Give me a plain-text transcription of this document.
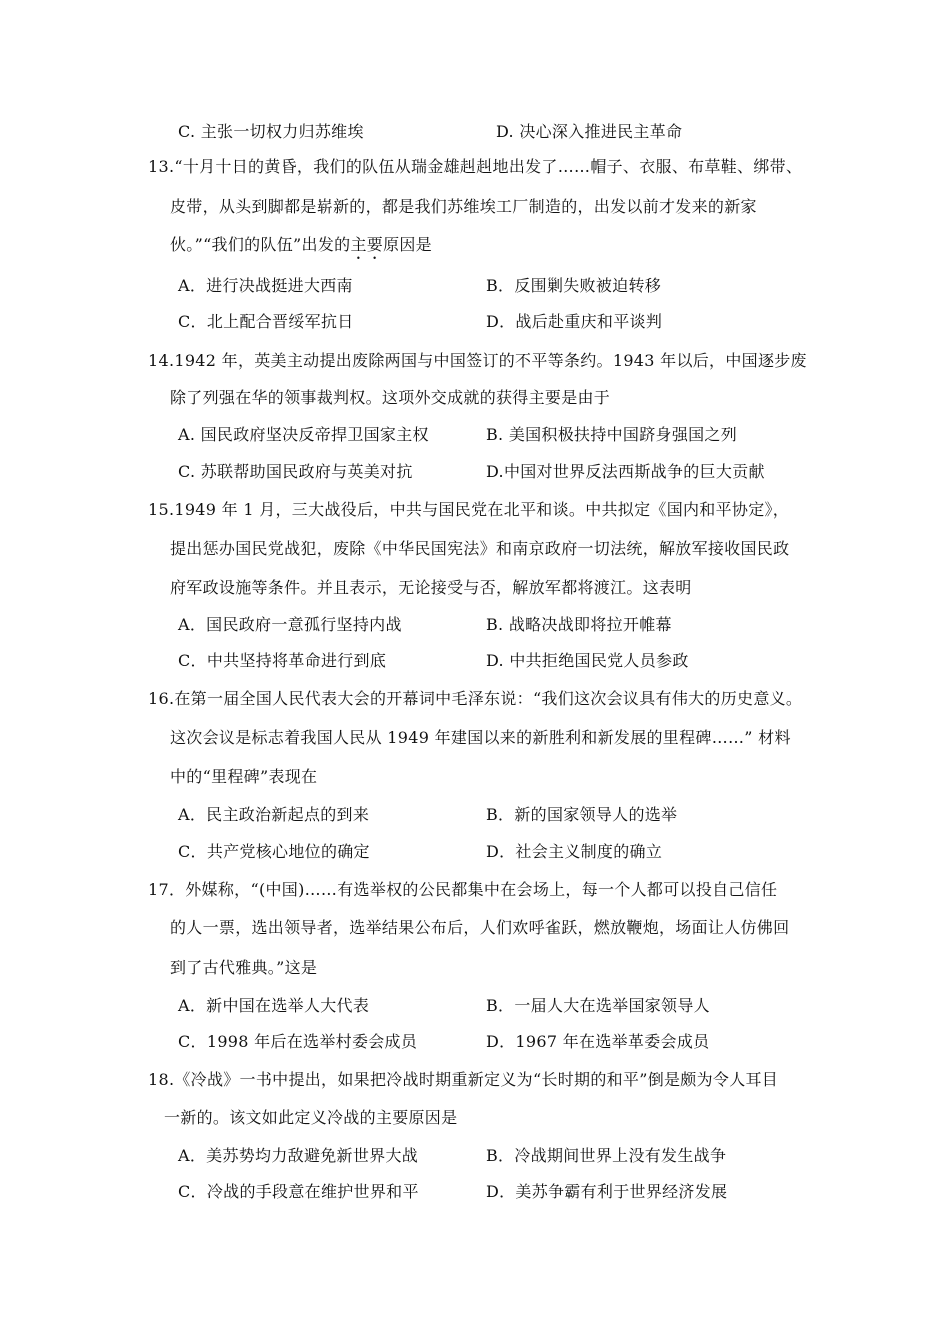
C. 主张一切权力归苏维埃	D. 决心深入推进民主革命
13.“十月十日的黄昏，我们的队伍从瑞金雄赳赳地出发了……帽子、衣服、布草鞋、绑带、
皮带，从头到脚都是崭新的，都是我们苏维埃工厂制造的，出发以前才发来的新家
伙。”“我们的队伍”出发的主要原因是
A．进行决战挺进大西南	B．反围剿失败被迫转移
C．北上配合晋绥军抗日	D．战后赴重庆和平谈判
14.1942 年，英美主动提出废除两国与中国签订的不平等条约。1943 年以后，中国逐步废
除了列强在华的领事裁判权。这项外交成就的获得主要是由于
A. 国民政府坚决反帝捍卫国家主权	B. 美国积极扶持中国跻身强国之列
C. 苏联帮助国民政府与英美对抗	D.中国对世界反法西斯战争的巨大贡献
15.1949 年 1 月，三大战役后，中共与国民党在北平和谈。中共拟定《国内和平协定》，
提出惩办国民党战犯，废除《中华民国宪法》和南京政府一切法统，解放军接收国民政
府军政设施等条件。并且表示，无论接受与否，解放军都将渡江。这表明
A．国民政府一意孤行坚持内战	B. 战略决战即将拉开帷幕
C．中共坚持将革命进行到底	D. 中共拒绝国民党人员参政
16.在第一届全国人民代表大会的开幕词中毛泽东说：“我们这次会议具有伟大的历史意义。
这次会议是标志着我国人民从 1949 年建国以来的新胜利和新发展的里程碑……” 材料
中的“里程碑”表现在
A．民主政治新起点的到来	B．新的国家领导人的选举
C．共产党核心地位的确定	D．社会主义制度的确立
17．外媒称，“(中国)……有选举权的公民都集中在会场上，每一个人都可以投自己信任
的人一票，选出领导者，选举结果公布后，人们欢呼雀跃，燃放鞭炮，场面让人仿佛回
到了古代雅典。”这是
A．新中国在选举人大代表	B．一届人大在选举国家领导人
C．1998 年后在选举村委会成员	D．1967 年在选举革委会成员
18.《冷战》一书中提出，如果把冷战时期重新定义为“长时期的和平”倒是颇为令人耳目
一新的。该文如此定义冷战的主要原因是
A．美苏势均力敌避免新世界大战	B．冷战期间世界上没有发生战争
C．冷战的手段意在维护世界和平	D．美苏争霸有利于世界经济发展
